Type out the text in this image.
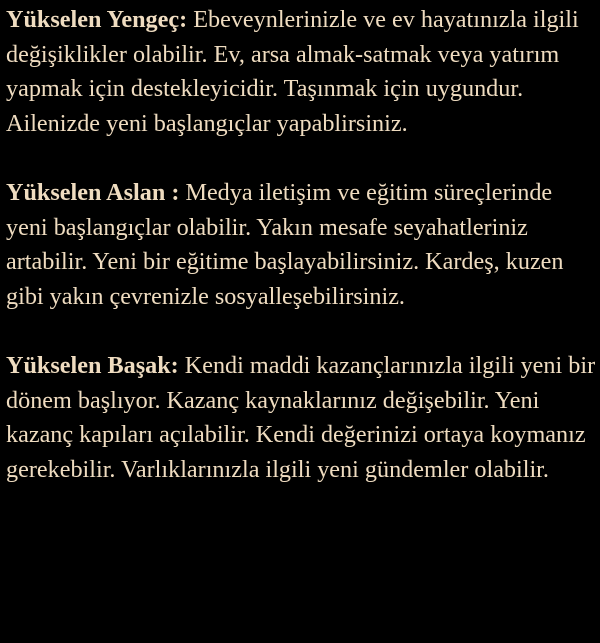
Yükselen Yengeç: Ebeveynlerinizle ve ev hayatınızla ilgili değişiklikler olabilir. Ev, arsa almak-satmak veya yatırım yapmak için destekleyicidir. Taşınmak için uygundur. Ailenizde yeni başlangıçlar yapablirsiniz.

Yükselen Aslan : Medya iletişim ve eğitim süreçlerinde yeni başlangıçlar olabilir. Yakın mesafe seyahatleriniz artabilir. Yeni bir eğitime başlayabilirsiniz. Kardeş, kuzen gibi yakın çevrenizle sosyalleşebilirsiniz.

Yükselen Başak: Kendi maddi kazançlarınızla ilgili yeni bir dönem başlıyor. Kazanç kaynaklarınız değişebilir. Yeni kazanç kapıları açılabilir. Kendi değerinizi ortaya koymanız gerekebilir. Varlıklarınızla ilgili yeni gündemler olabilir.
